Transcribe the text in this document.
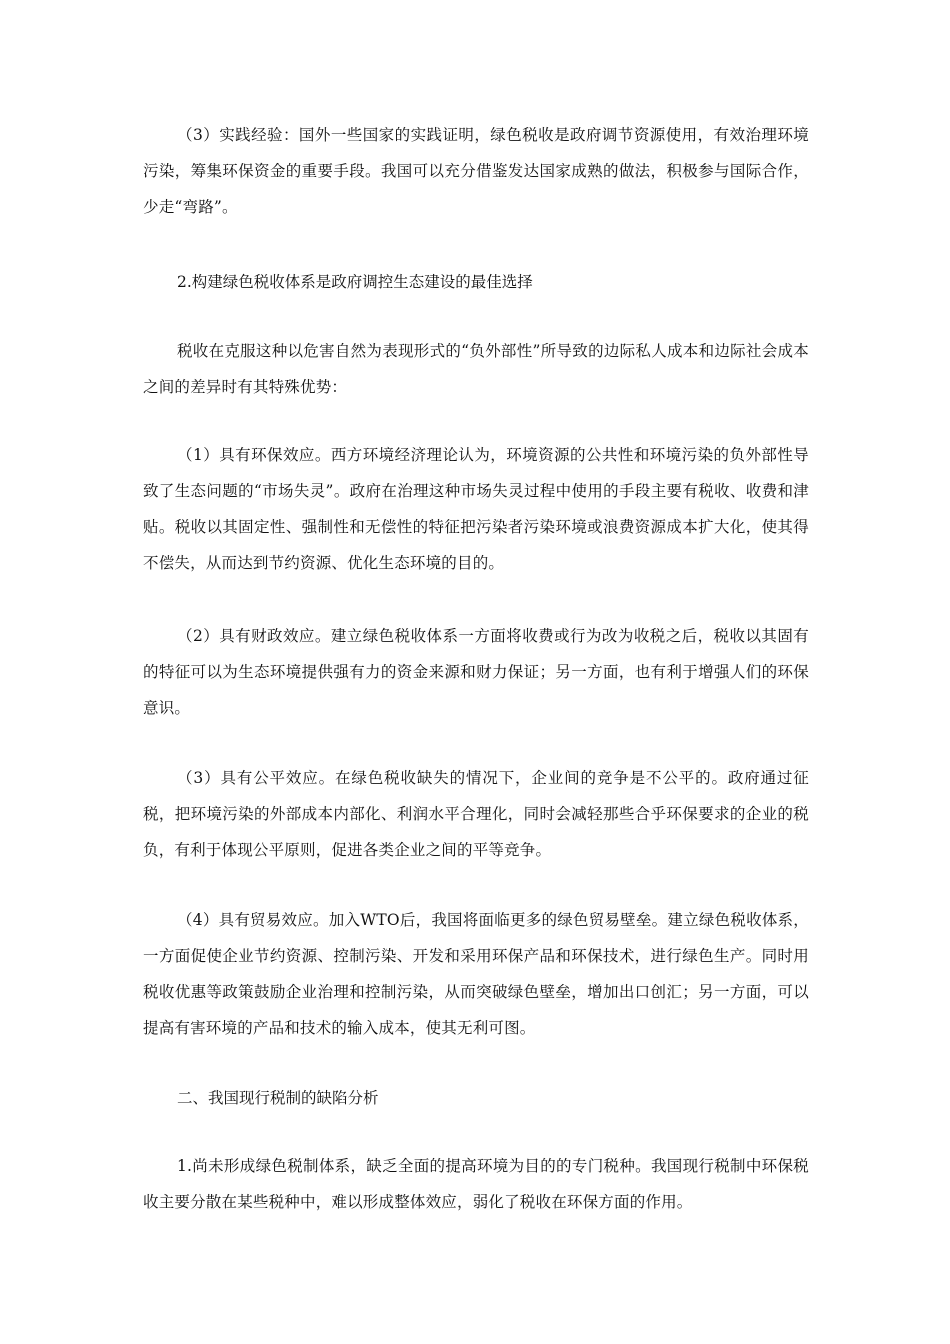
（3）实践经验：国外一些国家的实践证明，绿色税收是政府调节资源使用，有效治理环境污染，筹集环保资金的重要手段。我国可以充分借鉴发达国家成熟的做法，积极参与国际合作，少走“弯路”。

2.构建绿色税收体系是政府调控生态建设的最佳选择

税收在克服这种以危害自然为表现形式的“负外部性”所导致的边际私人成本和边际社会成本之间的差异时有其特殊优势：

（1）具有环保效应。西方环境经济理论认为，环境资源的公共性和环境污染的负外部性导致了生态问题的“市场失灵”。政府在治理这种市场失灵过程中使用的手段主要有税收、收费和津贴。税收以其固定性、强制性和无偿性的特征把污染者污染环境或浪费资源成本扩大化，使其得不偿失，从而达到节约资源、优化生态环境的目的。

（2）具有财政效应。建立绿色税收体系一方面将收费或行为改为收税之后，税收以其固有的特征可以为生态环境提供强有力的资金来源和财力保证；另一方面，也有利于增强人们的环保意识。

（3）具有公平效应。在绿色税收缺失的情况下，企业间的竞争是不公平的。政府通过征税，把环境污染的外部成本内部化、利润水平合理化，同时会减轻那些合乎环保要求的企业的税负，有利于体现公平原则，促进各类企业之间的平等竞争。

（4）具有贸易效应。加入WTO后，我国将面临更多的绿色贸易壁垒。建立绿色税收体系，一方面促使企业节约资源、控制污染、开发和采用环保产品和环保技术，进行绿色生产。同时用税收优惠等政策鼓励企业治理和控制污染，从而突破绿色壁垒，增加出口创汇；另一方面，可以提高有害环境的产品和技术的输入成本，使其无利可图。

二、我国现行税制的缺陷分析

1.尚未形成绿色税制体系，缺乏全面的提高环境为目的的专门税种。我国现行税制中环保税收主要分散在某些税种中，难以形成整体效应，弱化了税收在环保方面的作用。
